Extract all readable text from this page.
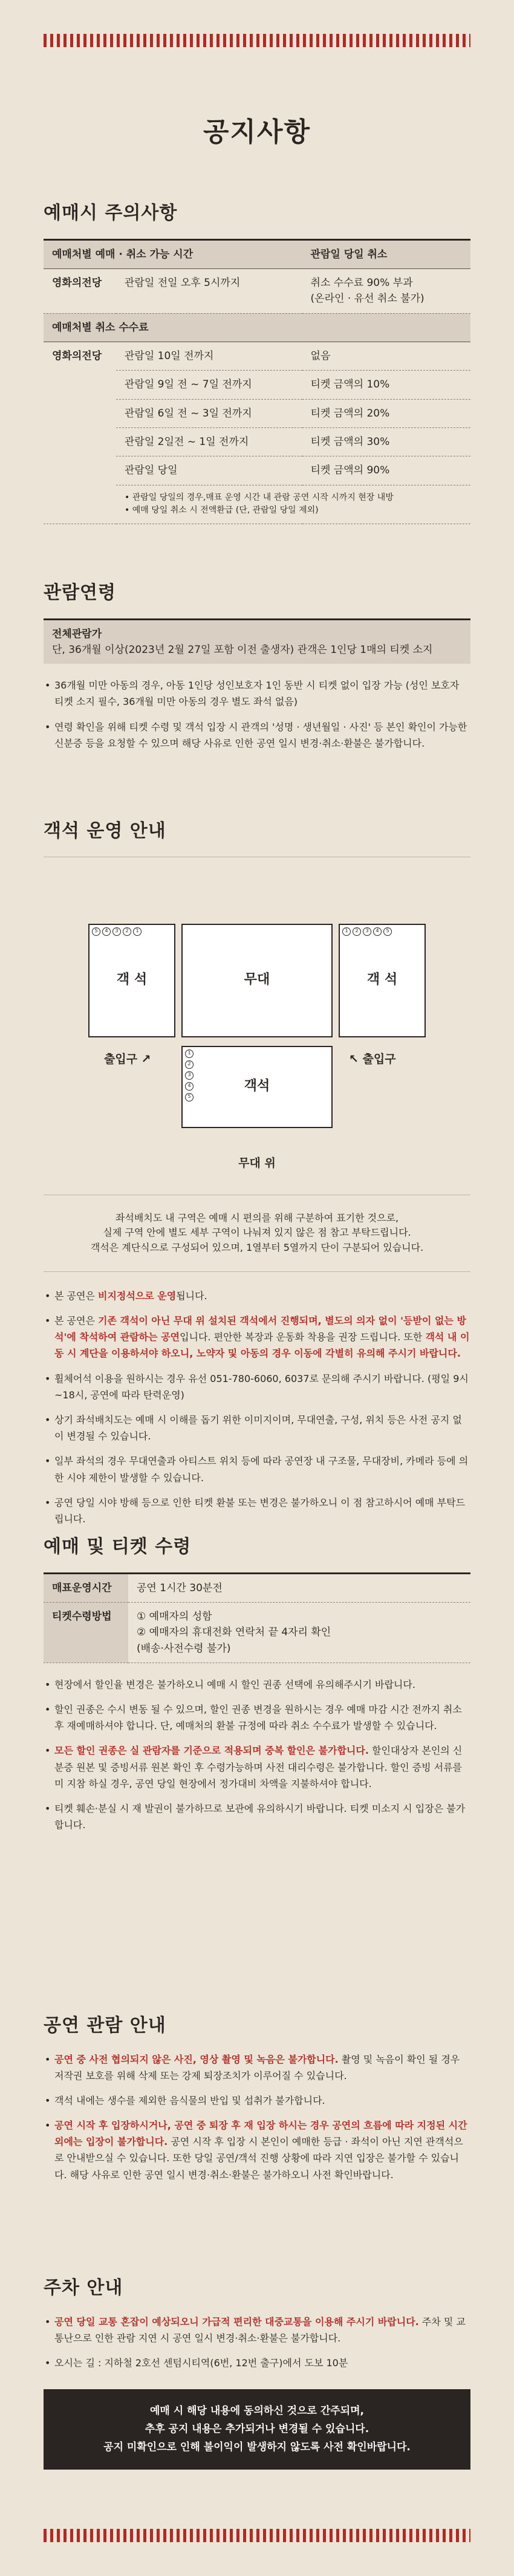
공지사항
예매시 주의사항
예매처별 예매 · 취소 가능 시간		관람일 당일 취소
영화의전당	관람일 전일 오후 5시까지	취소 수수료 90% 부과
(온라인 · 유선 취소 불가)
예매처별 취소 수수료		
영화의전당	관람일 10일 전까지	없음
	관람일 9일 전 ~ 7일 전까지	티켓 금액의 10%
	관람일 6일 전 ~ 3일 전까지	티켓 금액의 20%
	관람일 2일전 ~ 1일 전까지	티켓 금액의 30%
	관람일 당일	티켓 금액의 90%

	• 관람일 당일의 경우,매표 운영 시간 내 관람 공연 시작 시까지 현장 내방
• 예매 당일 취소 시 전액환급 (단, 관람일 당일 제외)	
관람연령
전체관람가
단, 36개월 이상(2023년 2월 27일 포함 이전 출생자) 관객은 1인당 1매의 티켓 소지
• 36개월 미만 아동의 경우, 아동 1인당 성인보호자 1인 동반 시 티켓 없이 입장 가능 (성인 보호자 티켓 소지 필수, 36개월 미만 아동의 경우 별도 좌석 없음)
• 연령 확인을 위해 티켓 수령 및 객석 입장 시 관객의 '성명 · 생년월일 · 사진' 등 본인 확인이 가능한 신분증 등을 요청할 수 있으며 해당 사유로 인한 공연 일시 변경·취소·환불은 불가합니다.
객석 운영 안내
객 석
5	4	3	2	1
무대	객 석
1	2	3	4	5
출입구 ↗	↖ 출입구
객석
1
2
3
4
5
무대 위
좌석배치도 내 구역은 예매 시 편의를 위해 구분하여 표기한 것으로,
실제 구역 안에 별도 세부 구역이 나눠져 있지 않은 점 참고 부탁드립니다.
객석은 계단식으로 구성되어 있으며, 1열부터 5열까지 단이 구분되어 있습니다.
• 본 공연은 비지정석으로 운영됩니다.
• 본 공연은 기존 객석이 아닌 무대 위 설치된 객석에서 진행되며, 별도의 의자 없이 '등받이 없는 방석'에 착석하여 관람하는 공연입니다. 편안한 복장과 운동화 착용을 권장 드립니다. 또한 객석 내 이동 시 계단을 이용하셔야 하오니, 노약자 및 아동의 경우 이동에 각별히 유의해 주시기 바랍니다.
• 휠체어석 이용을 원하시는 경우 유선 051-780-6060, 6037로 문의해 주시기 바랍니다. (평일 9시~18시, 공연에 따라 탄력운영)
• 상기 좌석배치도는 예매 시 이해를 돕기 위한 이미지이며, 무대연출, 구성, 위치 등은 사전 공지 없이 변경될 수 있습니다.
• 일부 좌석의 경우 무대연출과 아티스트 위치 등에 따라 공연장 내 구조물, 무대장비, 카메라 등에 의한 시야 제한이 발생할 수 있습니다.
• 공연 당일 시야 방해 등으로 인한 티켓 환불 또는 변경은 불가하오니 이 점 참고하시어 예매 부탁드립니다.
예매 및 티켓 수령
매표운영시간	공연 1시간 30분전
티켓수령방법	① 예매자의 성함
② 예매자의 휴대전화 연락처 끝 4자리 확인
(배송·사전수령 불가)
• 현장에서 할인율 변경은 불가하오니 예매 시 할인 권종 선택에 유의해주시기 바랍니다.
• 할인 권종은 수시 변동 될 수 있으며, 할인 권종 변경을 원하시는 경우 예매 마감 시간 전까지 취소 후 재예매하셔야 합니다. 단, 예매처의 환불 규정에 따라 취소 수수료가 발생할 수 있습니다.
• 모든 할인 권종은 실 관람자를 기준으로 적용되며 중복 할인은 불가합니다. 할인대상자 본인의 신분증 원본 및 증빙서류 원본 확인 후 수령가능하며 사전 대리수령은 불가합니다. 할인 증빙 서류를 미 지참 하실 경우, 공연 당일 현장에서 정가대비 차액을 지불하셔야 합니다.
• 티켓 훼손·분실 시 재 발권이 불가하므로 보관에 유의하시기 바랍니다. 티켓 미소지 시 입장은 불가합니다.
공연 관람 안내
• 공연 중 사전 협의되지 않은 사진, 영상 촬영 및 녹음은 불가합니다. 촬영 및 녹음이 확인 될 경우 저작권 보호를 위해 삭제 또는 강제 퇴장조치가 이루어질 수 있습니다.
• 객석 내에는 생수를 제외한 음식물의 반입 및 섭취가 불가합니다.
• 공연 시작 후 입장하시거나, 공연 중 퇴장 후 재 입장 하시는 경우 공연의 흐름에 따라 지정된 시간 외에는 입장이 불가합니다. 공연 시작 후 입장 시 본인이 예매한 등급 · 좌석이 아닌 지연 관객석으로 안내받으실 수 있습니다. 또한 당일 공연/객석 진행 상황에 따라 지연 입장은 불가할 수 있습니다. 해당 사유로 인한 공연 일시 변경·취소·환불은 불가하오니 사전 확인바랍니다.
주차 안내
• 공연 당일 교통 혼잡이 예상되오니 가급적 편리한 대중교통을 이용해 주시기 바랍니다. 주차 및 교통난으로 인한 관람 지연 시 공연 일시 변경·취소·환불은 불가합니다.
• 오시는 길 : 지하철 2호선 센텀시티역(6번, 12번 출구)에서 도보 10분
예매 시 해당 내용에 동의하신 것으로 간주되며,
추후 공지 내용은 추가되거나 변경될 수 있습니다.
공지 미확인으로 인해 불이익이 발생하지 않도록 사전 확인바랍니다.
